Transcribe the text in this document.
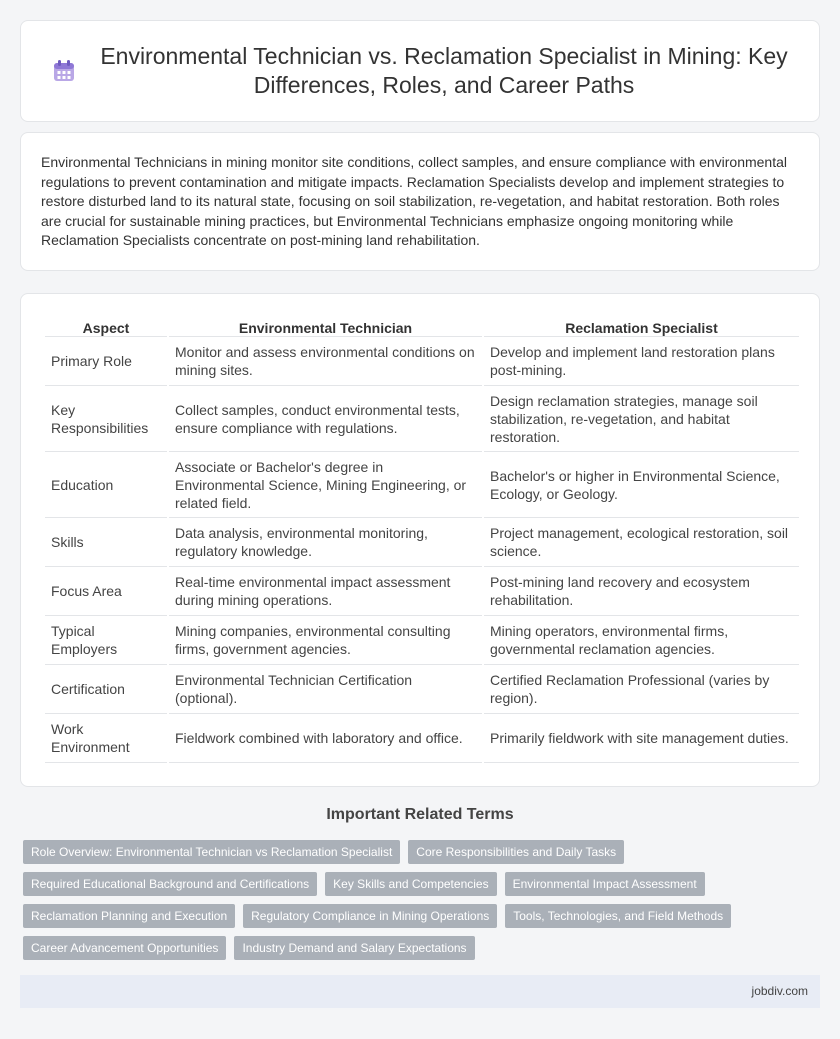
Environmental Technician vs. Reclamation Specialist in Mining: Key Differences, Roles, and Career Paths

Environmental Technicians in mining monitor site conditions, collect samples, and ensure compliance with environmental regulations to prevent contamination and mitigate impacts. Reclamation Specialists develop and implement strategies to restore disturbed land to its natural state, focusing on soil stabilization, re-vegetation, and habitat restoration. Both roles are crucial for sustainable mining practices, but Environmental Technicians emphasize ongoing monitoring while Reclamation Specialists concentrate on post-mining land rehabilitation.

Aspect	Environmental Technician	Reclamation Specialist
Primary Role	Monitor and assess environmental conditions on mining sites.	Develop and implement land restoration plans post-mining.
Key Responsibilities	Collect samples, conduct environmental tests, ensure compliance with regulations.	Design reclamation strategies, manage soil stabilization, re-vegetation, and habitat restoration.
Education	Associate or Bachelor's degree in Environmental Science, Mining Engineering, or related field.	Bachelor's or higher in Environmental Science, Ecology, or Geology.
Skills	Data analysis, environmental monitoring, regulatory knowledge.	Project management, ecological restoration, soil science.
Focus Area	Real-time environmental impact assessment during mining operations.	Post-mining land recovery and ecosystem rehabilitation.
Typical Employers	Mining companies, environmental consulting firms, government agencies.	Mining operators, environmental firms, governmental reclamation agencies.
Certification	Environmental Technician Certification (optional).	Certified Reclamation Professional (varies by region).
Work Environment	Fieldwork combined with laboratory and office.	Primarily fieldwork with site management duties.
Important Related Terms
Role Overview: Environmental Technician vs Reclamation Specialist	Core Responsibilities and Daily Tasks
Required Educational Background and Certifications	Key Skills and Competencies	Environmental Impact Assessment
Reclamation Planning and Execution	Regulatory Compliance in Mining Operations	Tools, Technologies, and Field Methods
Career Advancement Opportunities	Industry Demand and Salary Expectations
jobdiv.com
